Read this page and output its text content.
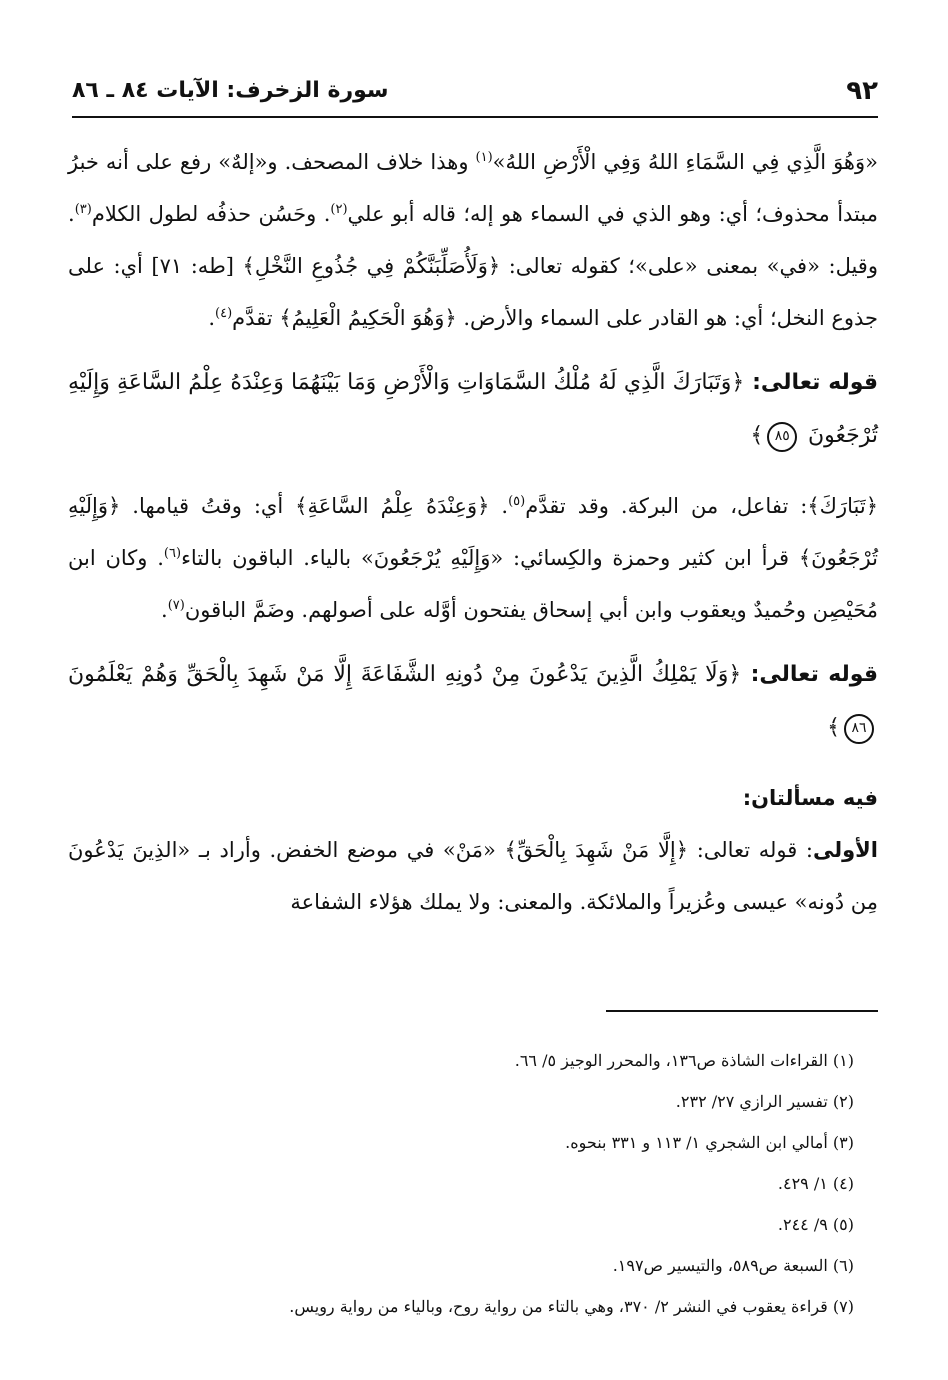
٩٢
سورة الزخرف: الآيات ٨٤ ـ ٨٦

«وَهُوَ الَّذِي فِي السَّمَاءِ اللهُ وَفِي الْأَرْضِ اللهُ»$^{(١)}$ وهذا خلاف المصحف. و«إلهٌ» رفع على أنه خبرُ مبتدأ محذوف؛ أي: وهو الذي في السماء هو إله؛ قاله أبو علي$^{(٢)}$. وحَسُن حذفُه لطول الكلام$^{(٣)}$. وقيل: «في» بمعنى «على»؛ كقوله تعالى: ﴿وَلَأُصَلِّبَنَّكُمْ فِي جُذُوعِ النَّخْلِ﴾ [طه: ٧١] أي: على جذوع النخل؛ أي: هو القادر على السماء والأرض. ﴿وَهُوَ الْحَكِيمُ الْعَلِيمُ﴾ تقدَّم$^{(٤)}$.

قوله تعالى: ﴿وَتَبَارَكَ الَّذِي لَهُ مُلْكُ السَّمَاوَاتِ وَالْأَرْضِ وَمَا بَيْنَهُمَا وَعِنْدَهُ عِلْمُ السَّاعَةِ وَإِلَيْهِ تُرْجَعُونَ ٨٥﴾

﴿تَبَارَكَ﴾: تفاعل، من البركة. وقد تقدَّم$^{(٥)}$. ﴿وَعِنْدَهُ عِلْمُ السَّاعَةِ﴾ أي: وقتُ قيامها. ﴿وَإِلَيْهِ تُرْجَعُونَ﴾ قرأ ابن كثير وحمزة والكِسائي: «وَإِلَيْهِ يُرْجَعُونَ» بالياء. الباقون بالتاء$^{(٦)}$. وكان ابن مُحَيْصِن وحُميدٌ ويعقوب وابن أبي إسحاق يفتحون أوَّله على أصولهم. وضَمَّ الباقون$^{(٧)}$.

قوله تعالى: ﴿وَلَا يَمْلِكُ الَّذِينَ يَدْعُونَ مِنْ دُونِهِ الشَّفَاعَةَ إِلَّا مَنْ شَهِدَ بِالْحَقِّ وَهُمْ يَعْلَمُونَ ٨٦﴾

فيه مسألتان:

الأولى: قوله تعالى: ﴿إِلَّا مَنْ شَهِدَ بِالْحَقِّ﴾ «مَنْ» في موضع الخفض. وأراد بـ «الذِينَ يَدْعُونَ مِن دُونه» عيسى وعُزيراً والملائكة. والمعنى: ولا يملك هؤلاء الشفاعة

(١) القراءات الشاذة ص١٣٦، والمحرر الوجيز ٥/ ٦٦.

(٢) تفسير الرازي ٢٧/ ٢٣٢.

(٣) أمالي ابن الشجري ١/ ١١٣ و ٣٣١ بنحوه.

(٤) ١/ ٤٢٩.

(٥) ٩/ ٢٤٤.

(٦) السبعة ص٥٨٩، والتيسير ص١٩٧.

(٧) قراءة يعقوب في النشر ٢/ ٣٧٠، وهي بالتاء من رواية روح، وبالياء من رواية رويس.
